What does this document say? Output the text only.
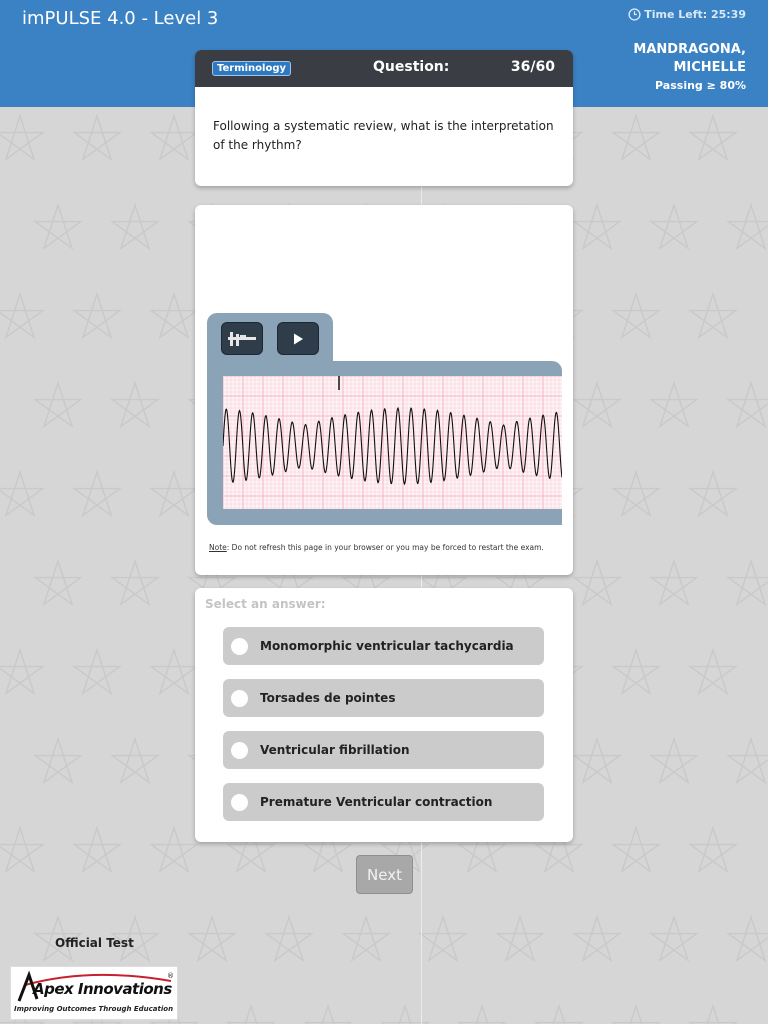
imPULSE 4.0 - Level 3	Time Left: 25:39
MANDRAGONA,
MICHELLE
Passing ≥ 80%
Terminology	Question:	36/60
Following a systematic review, what is the interpretation of the rhythm?
Note: Do not refresh this page in your browser or you may be forced to restart the exam.
Select an answer:
Monomorphic ventricular tachycardia
Torsades de pointes
Ventricular fibrillation
Premature Ventricular contraction
Next
Official Test
®
Apex Innovations
Improving Outcomes Through Education
